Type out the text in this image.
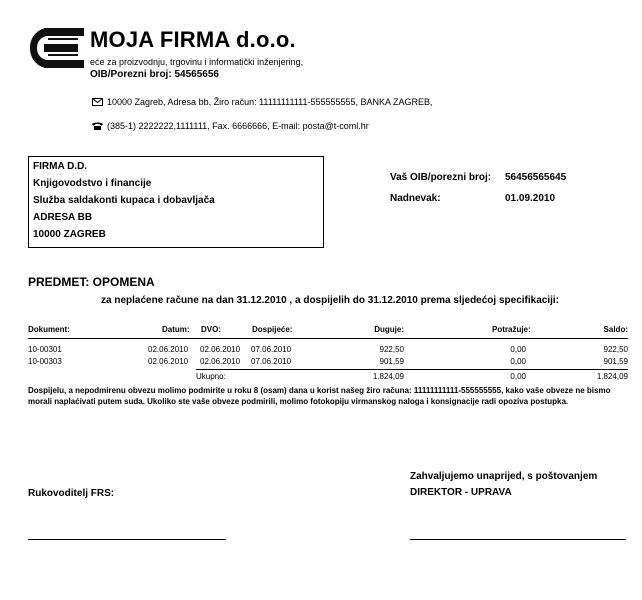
MOJA FIRMA d.o.o.
eće za proizvodnju, trgovinu i informatički inženjering,
OIB/Porezni broj: 54565656
10000 Zagreb, Adresa bb, Žiro račun: 11111111111-555555555, BANKA ZAGREB,
(385-1) 2222222,1111111, Fax. 6666666, E-mail: posta@t-coml.hr
FIRMA D.D.
Knjigovodstvo i financije
Služba saldakonti kupaca i dobavljača
ADRESA BB
10000 ZAGREB
Vaš OIB/porezni broj: 56456565645
Nadnevak:	01.09.2010
PREDMET: OPOMENA
za neplaćene račune na dan 31.12.2010 , a dospijelih do 31.12.2010 prema sljedećoj specifikaciji:
Dokument:	Datum: DVO:	Dospijeće:	Duguje:	Potražuje:	Saldo:
10-00301	02.06.2010 02.06.2010 07.06.2010	922,50	0,00	922,50
10-00303	02.06.2010 02.06.2010 07.06.2010	901,59	0,00	901,59
Ukupno:	1.824,09	0,00	1.824,09
Dospijelu, a nepodmirenu obvezu molimo podmirite u roku 8 (osam) dana u korist našeg žiro računa: 11111111111-555555555, kako vaše obveze ne bismo morali naplaćivati putem suda. Ukoliko ste vaše obveze podmirili, molimo fotokopiju virmanskog naloga i konsignacije radi opoziva postupka.
Zahvaljujemo unaprijed, s poštovanjem
Rukovoditelj FRS:	DIREKTOR - UPRAVA
